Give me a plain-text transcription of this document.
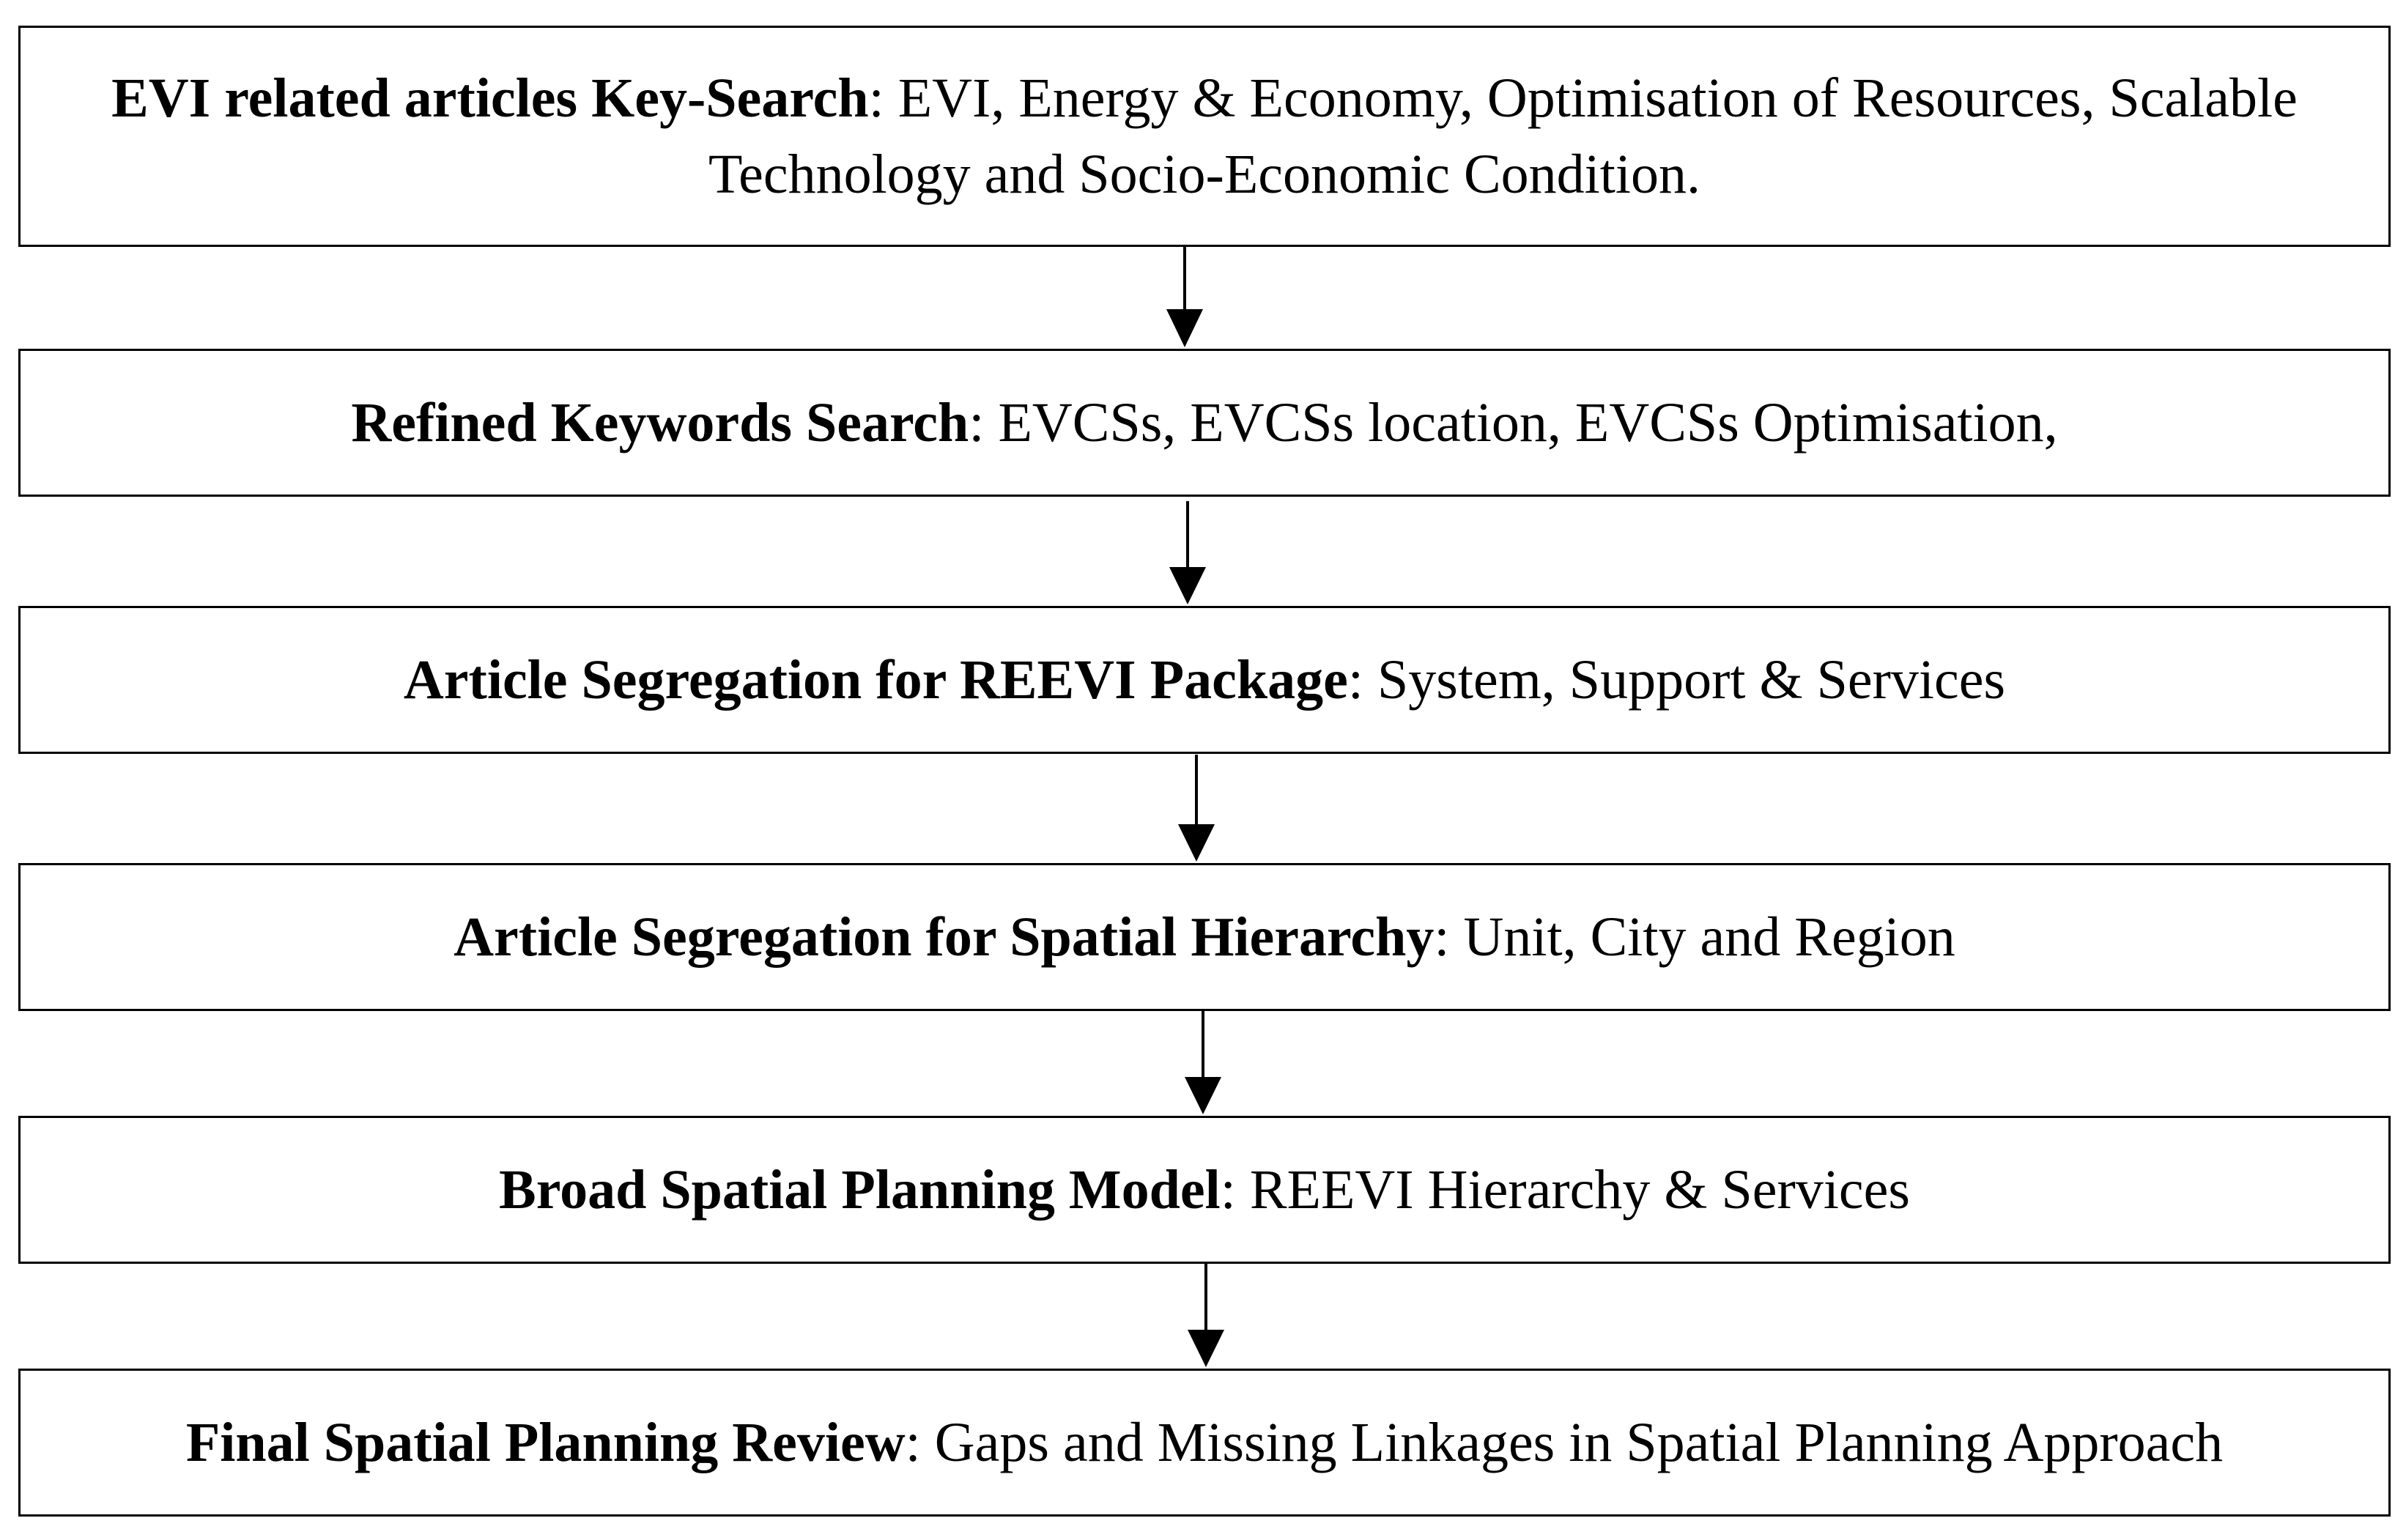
EVI related articles Key-Search: EVI, Energy & Economy, Optimisation of Resources, Scalable Technology and Socio-Economic Condition.
Refined Keywords Search: EVCSs, EVCSs location, EVCSs Optimisation,
Article Segregation for REEVI Package: System, Support & Services
Article Segregation for Spatial Hierarchy: Unit, City and Region
Broad Spatial Planning Model: REEVI Hierarchy & Services
Final Spatial Planning Review: Gaps and Missing Linkages in Spatial Planning Approach
